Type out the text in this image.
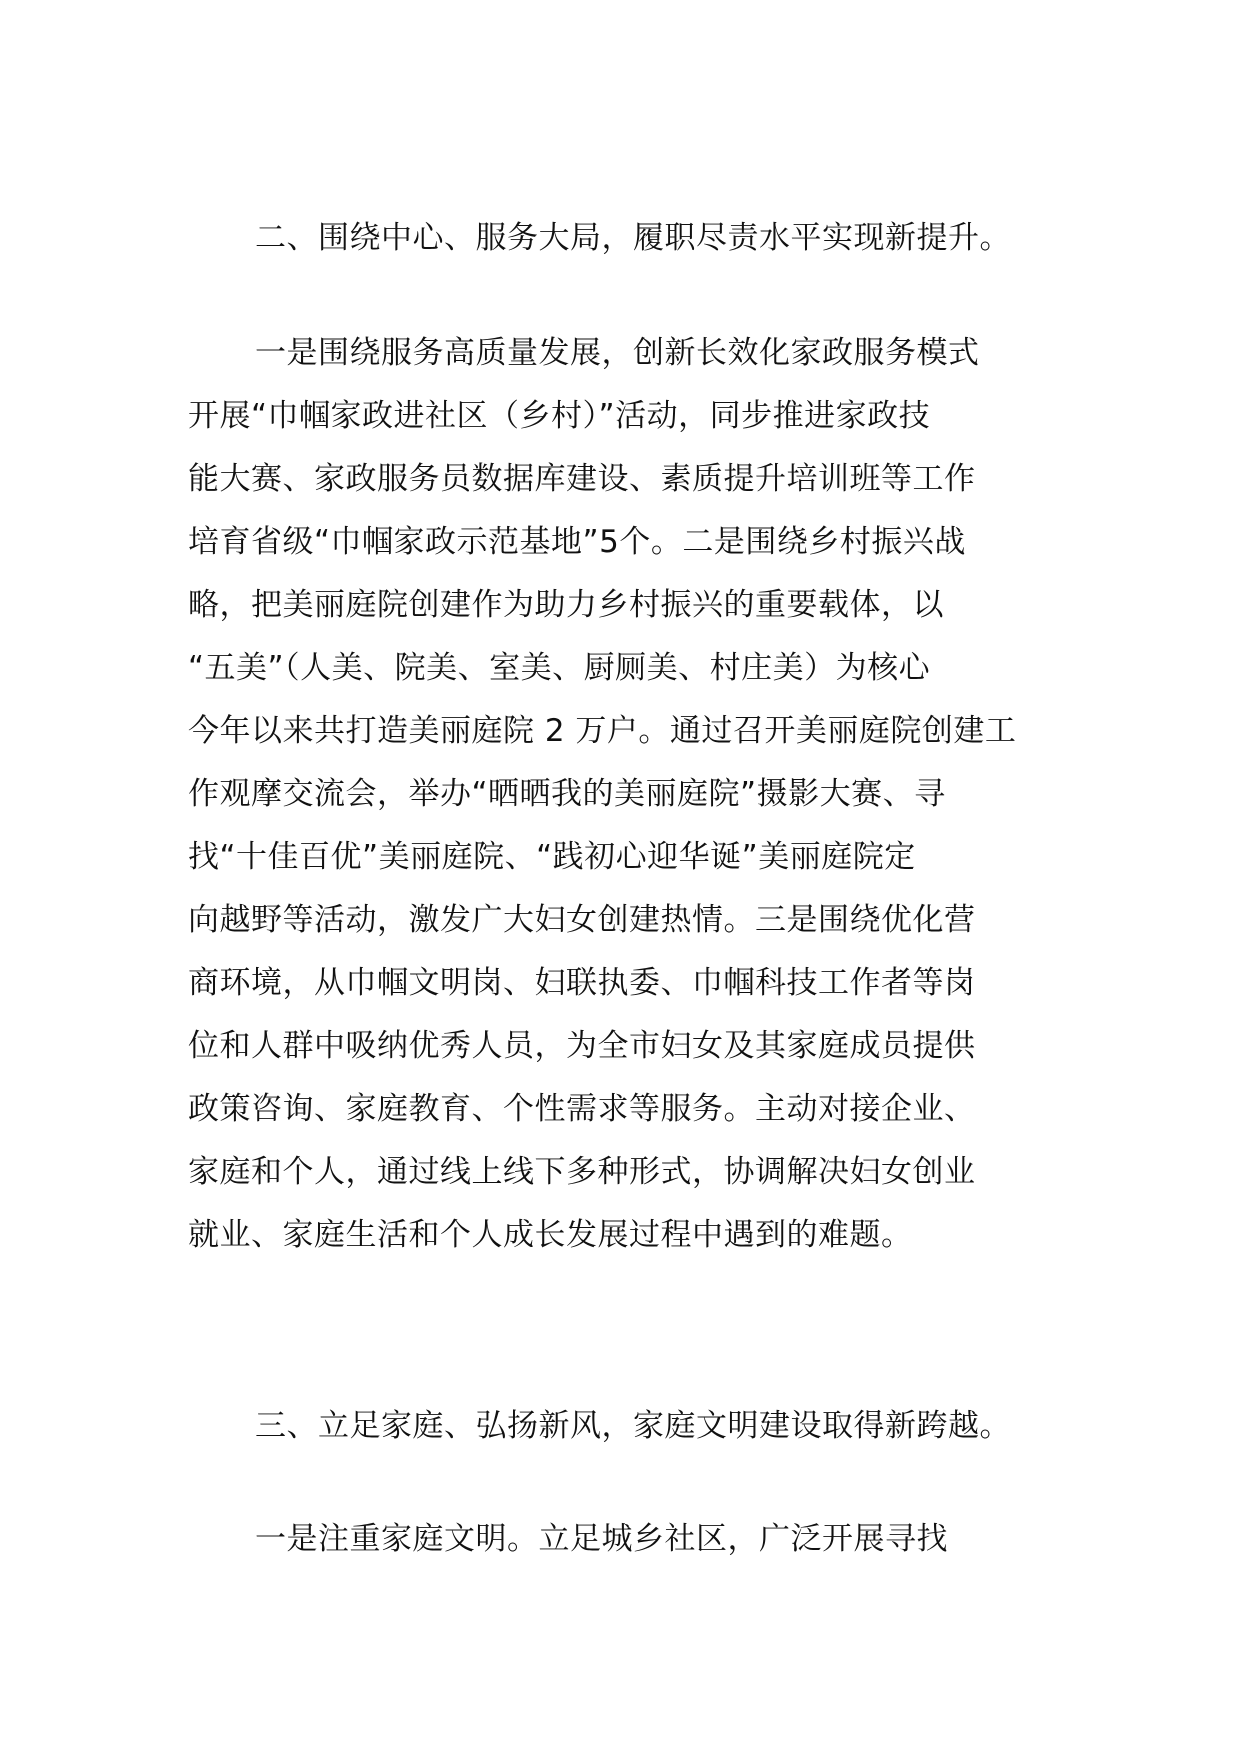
二、围绕中心、服务大局，履职尽责水平实现新提升。
一是围绕服务高质量发展，创新长效化家政服务模式
开展“巾帼家政进社区（乡村）”活动，同步推进家政技
能大赛、家政服务员数据库建设、素质提升培训班等工作
培育省级“巾帼家政示范基地”5个。二是围绕乡村振兴战
略，把美丽庭院创建作为助力乡村振兴的重要载体，以
“五美”（人美、院美、室美、厨厕美、村庄美）为核心
今年以来共打造美丽庭院 2 万户。通过召开美丽庭院创建工
作观摩交流会，举办“晒晒我的美丽庭院”摄影大赛、寻
找“十佳百优”美丽庭院、“践初心迎华诞”美丽庭院定
向越野等活动，激发广大妇女创建热情。三是围绕优化营
商环境，从巾帼文明岗、妇联执委、巾帼科技工作者等岗
位和人群中吸纳优秀人员，为全市妇女及其家庭成员提供
政策咨询、家庭教育、个性需求等服务。主动对接企业、
家庭和个人，通过线上线下多种形式，协调解决妇女创业
就业、家庭生活和个人成长发展过程中遇到的难题。
三、立足家庭、弘扬新风，家庭文明建设取得新跨越。
一是注重家庭文明。立足城乡社区，广泛开展寻找
